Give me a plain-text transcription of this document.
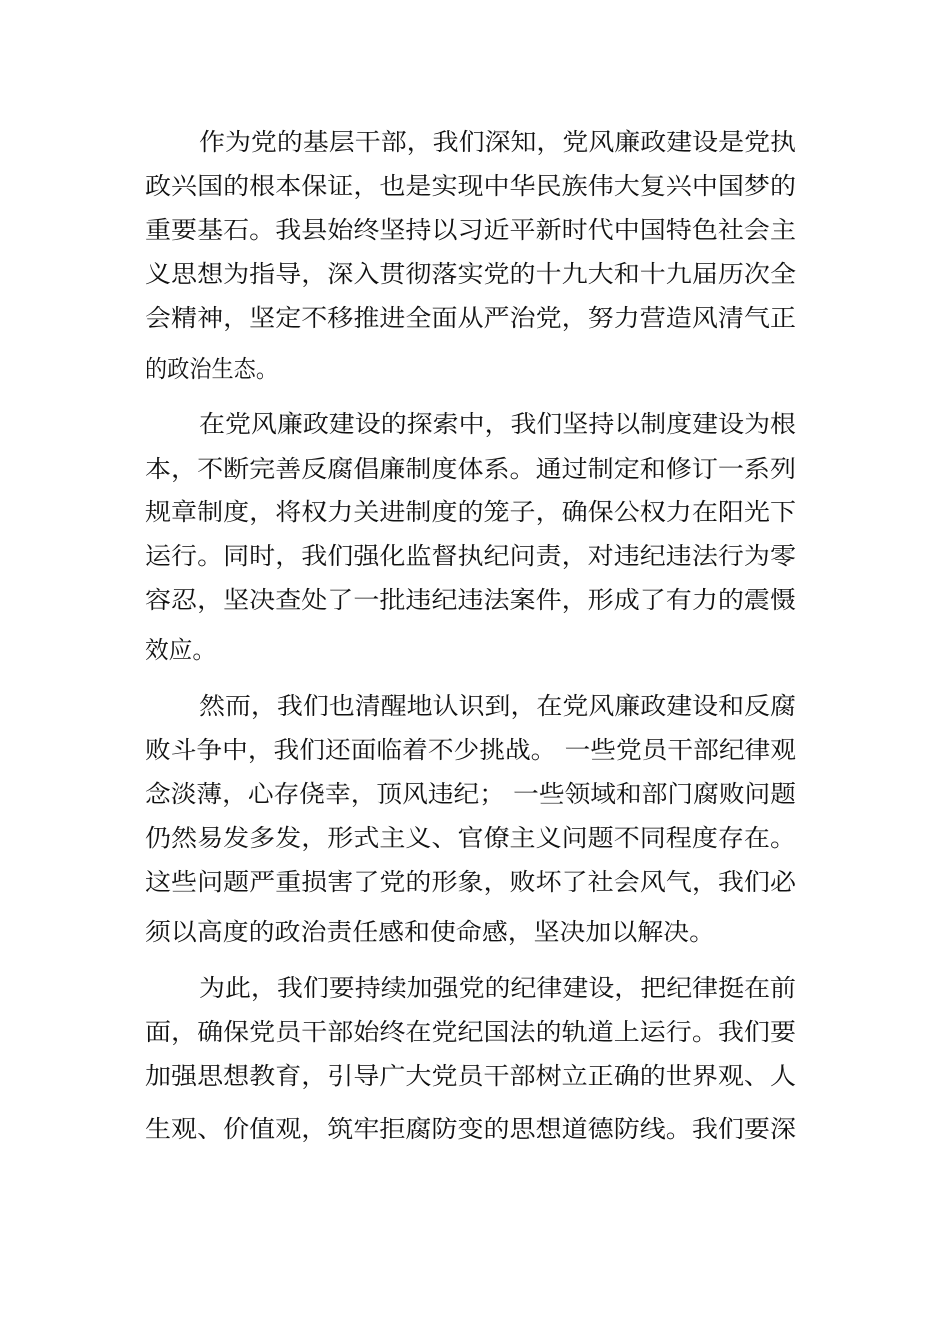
作为党的基层干部，我们深知，党风廉政建设是党执
政兴国的根本保证，也是实现中华民族伟大复兴中国梦的
重要基石。我县始终坚持以习近平新时代中国特色社会主
义思想为指导，深入贯彻落实党的十九大和十九届历次全
会精神，坚定不移推进全面从严治党，努力营造风清气正
的政治生态。
在党风廉政建设的探索中，我们坚持以制度建设为根
本，不断完善反腐倡廉制度体系。通过制定和修订一系列
规章制度，将权力关进制度的笼子，确保公权力在阳光下
运行。同时，我们强化监督执纪问责，对违纪违法行为零
容忍，坚决查处了一批违纪违法案件，形成了有力的震慑
效应。
然而，我们也清醒地认识到，在党风廉政建设和反腐
败斗争中，我们还面临着不少挑战。 一些党员干部纪律观
念淡薄，心存侥幸，顶风违纪； 一些领域和部门腐败问题
仍然易发多发，形式主义、官僚主义问题不同程度存在。
这些问题严重损害了党的形象，败坏了社会风气，我们必
须以高度的政治责任感和使命感，坚决加以解决。
为此，我们要持续加强党的纪律建设，把纪律挺在前
面，确保党员干部始终在党纪国法的轨道上运行。我们要
加强思想教育，引导广大党员干部树立正确的世界观、人
生观、价值观，筑牢拒腐防变的思想道德防线。我们要深
